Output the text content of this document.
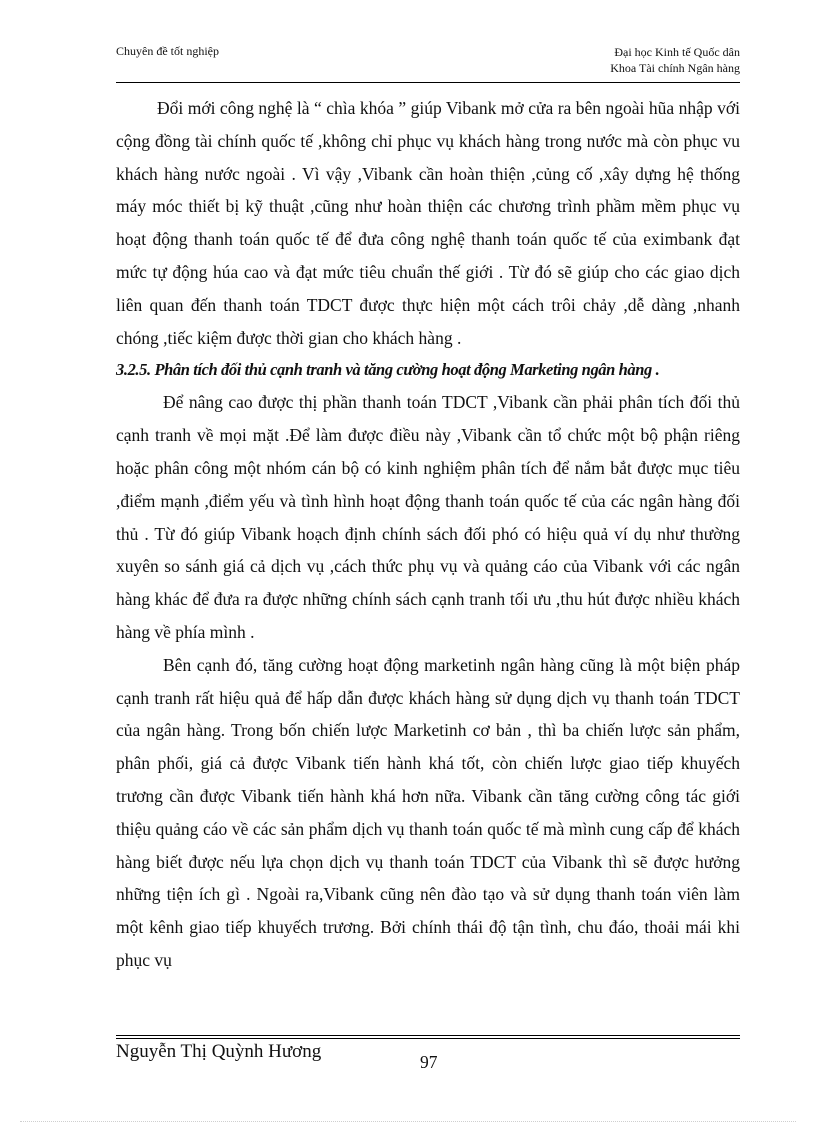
Chuyên đề tốt nghiệp	Đại học Kinh tế Quốc dân
Khoa Tài chính Ngân hàng

Đổi mới công nghệ là “ chìa khóa ” giúp Vibank mở cửa ra bên ngoài hũa nhập với cộng đồng tài chính quốc tế ,không chỉ phục vụ khách hàng trong nước mà còn phục vu khách hàng nước ngoài . Vì vậy ,Vibank cần hoàn thiện ,củng cố ,xây dựng hệ thống máy móc thiết bị kỹ thuật ,cũng như hoàn thiện các chương trình phầm mềm phục vụ hoạt động thanh toán quốc tế để đưa công nghệ thanh toán quốc tế của eximbank đạt mức tự động húa cao và đạt mức tiêu chuẩn thế giới . Từ đó sẽ giúp cho các giao dịch liên quan đến thanh toán TDCT được thực hiện một cách trôi chảy ,dễ dàng ,nhanh chóng ,tiếc kiệm được thời gian cho khách hàng .

3.2.5. Phân tích đối thủ cạnh tranh và tăng cường hoạt động Marketing ngân hàng .

Để nâng cao được thị phần thanh toán TDCT ,Vibank cần phải phân tích đối thủ cạnh tranh về mọi mặt .Để làm được điều này ,Vibank cần tổ chức một bộ phận riêng hoặc phân công một nhóm cán bộ có kinh nghiệm phân tích để nắm bắt được mục tiêu ,điểm mạnh ,điểm yếu và tình hình hoạt động thanh toán quốc tế của các ngân hàng đối thủ . Từ đó giúp Vibank hoạch định chính sách đối phó có hiệu quả ví dụ như thường xuyên so sánh giá cả dịch vụ ,cách thức phụ vụ và quảng cáo của Vibank với các ngân hàng khác để đưa ra được những chính sách cạnh tranh tối ưu ,thu hút được nhiều khách hàng về phía mình .

Bên cạnh đó, tăng cường hoạt động marketinh ngân hàng cũng là một biện pháp cạnh tranh rất hiệu quả để hấp dẫn được khách hàng sử dụng dịch vụ thanh toán TDCT của ngân hàng. Trong bốn chiến lược Marketinh cơ bản , thì ba chiến lược sản phẩm, phân phối, giá cả được Vibank tiến hành khá tốt, còn chiến lược giao tiếp khuyếch trương cần được Vibank tiến hành khá hơn nữa. Vibank cần tăng cường công tác giới thiệu quảng cáo về các sản phẩm dịch vụ thanh toán quốc tế mà mình cung cấp để khách hàng biết được nếu lựa chọn dịch vụ thanh toán TDCT của Vibank thì sẽ được hưởng những tiện ích gì . Ngoài ra,Vibank cũng nên đào tạo và sử dụng thanh toán viên làm một kênh giao tiếp khuyếch trương. Bởi chính thái độ tận tình, chu đáo, thoải mái khi phục vụ

Nguyễn Thị Quỳnh Hương	97
